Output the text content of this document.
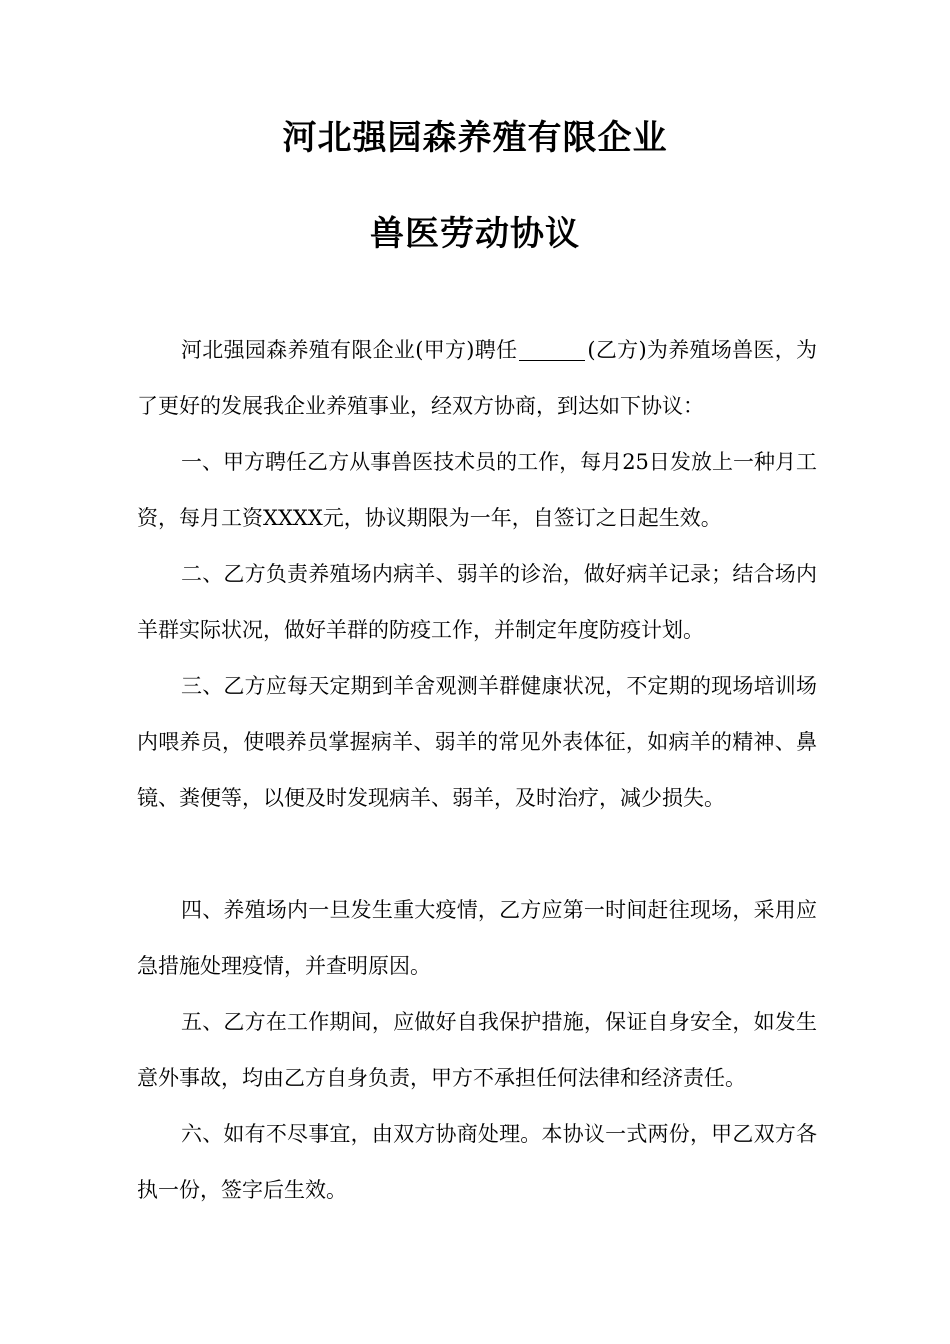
河北强园森养殖有限企业
兽医劳动协议

河北强园森养殖有限企业(甲方)聘任	(乙方)为养殖场兽医，为了更好的发展我企业养殖事业，经双方协商，到达如下协议：

一、甲方聘任乙方从事兽医技术员的工作，每月25日发放上一种月工资，每月工资XXXX元，协议期限为一年，自签订之日起生效。

二、乙方负责养殖场内病羊、弱羊的诊治，做好病羊记录；结合场内羊群实际状况，做好羊群的防疫工作，并制定年度防疫计划。

三、乙方应每天定期到羊舍观测羊群健康状况，不定期的现场培训场内喂养员，使喂养员掌握病羊、弱羊的常见外表体征，如病羊的精神、鼻镜、粪便等，以便及时发现病羊、弱羊，及时治疗，减少损失。

四、养殖场内一旦发生重大疫情，乙方应第一时间赶往现场，采用应急措施处理疫情，并查明原因。

五、乙方在工作期间，应做好自我保护措施，保证自身安全，如发生意外事故，均由乙方自身负责，甲方不承担任何法律和经济责任。

六、如有不尽事宜，由双方协商处理。本协议一式两份，甲乙双方各执一份，签字后生效。
